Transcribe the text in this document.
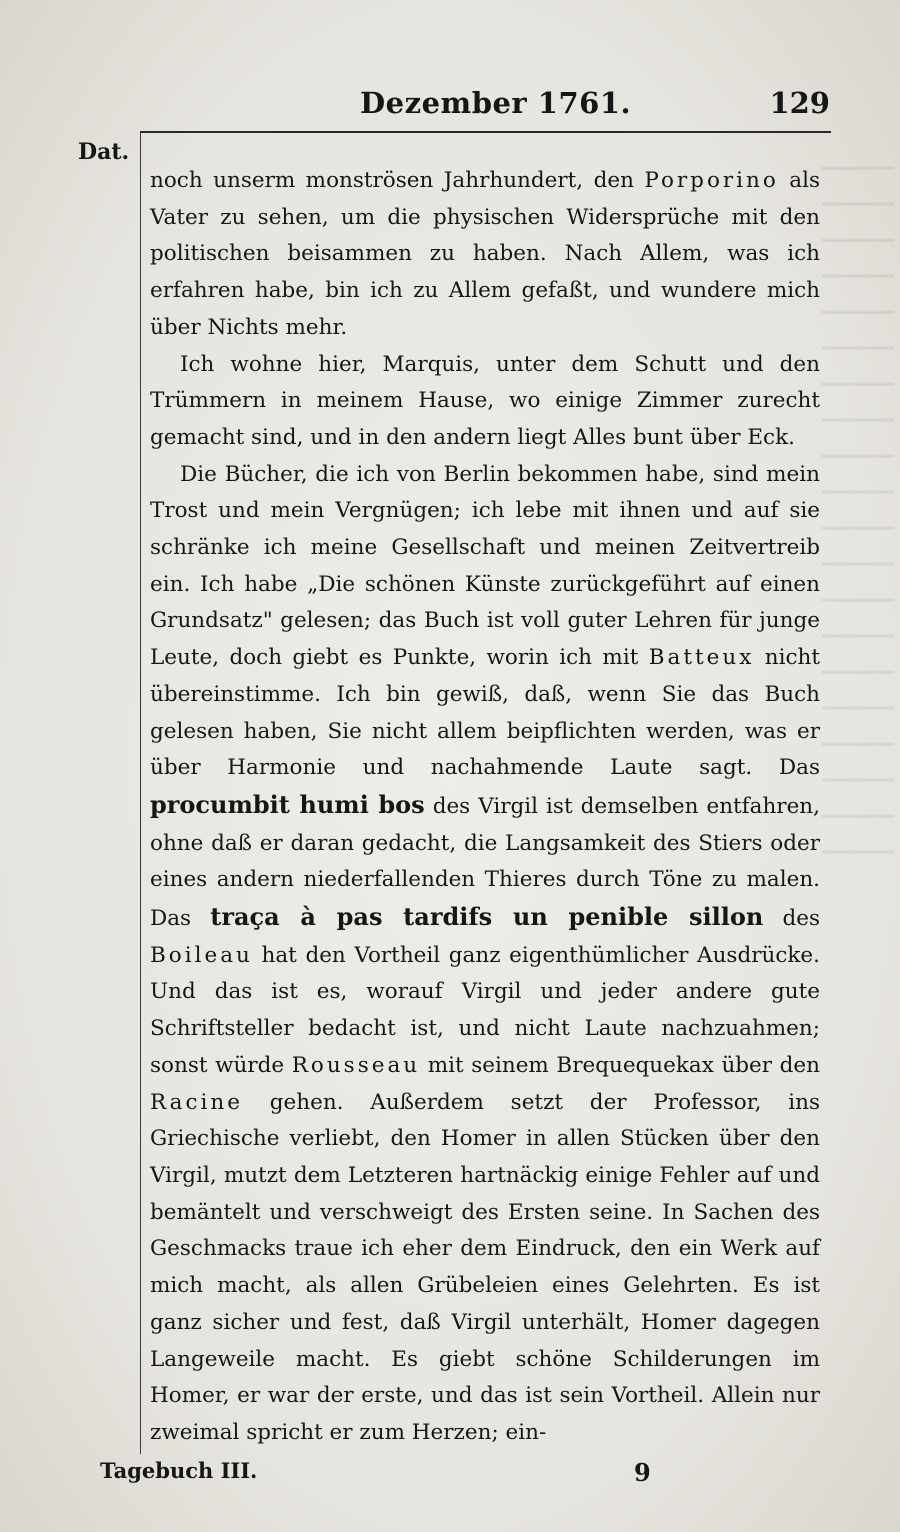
━━━━━━
━━━━━━
━━━━━━
━━━━━━
━━━━━━
━━━━━━
━━━━━━
━━━━━━
━━━━━━
━━━━━━
━━━━━━
━━━━━━
━━━━━━
━━━━━━
━━━━━━
━━━━━━
━━━━━━
━━━━━━
━━━━━━
━━━━━━
Dezember 1761.	129
Dat.

noch unserm monströsen Jahrhundert, den Porporino als Vater zu sehen, um die physischen Widersprüche mit den politischen beisammen zu haben. Nach Allem, was ich erfahren habe, bin ich zu Allem gefaßt, und wundere mich über Nichts mehr.

Ich wohne hier, Marquis, unter dem Schutt und den Trümmern in meinem Hause, wo einige Zimmer zurecht gemacht sind, und in den andern liegt Alles bunt über Eck.

Die Bücher, die ich von Berlin bekommen habe, sind mein Trost und mein Vergnügen; ich lebe mit ihnen und auf sie schränke ich meine Gesellschaft und meinen Zeitvertreib ein. Ich habe „Die schönen Künste zurückgeführt auf einen Grundsatz" gelesen; das Buch ist voll guter Lehren für junge Leute, doch giebt es Punkte, worin ich mit Batteux nicht übereinstimme. Ich bin gewiß, daß, wenn Sie das Buch gelesen haben, Sie nicht allem beipflichten werden, was er über Harmonie und nachahmende Laute sagt. Das procumbit humi bos des Virgil ist demselben entfahren, ohne daß er daran gedacht, die Langsamkeit des Stiers oder eines andern niederfallenden Thieres durch Töne zu malen. Das traça à pas tardifs un penible sillon des Boileau hat den Vortheil ganz eigenthümlicher Ausdrücke. Und das ist es, worauf Virgil und jeder andere gute Schriftsteller bedacht ist, und nicht Laute nachzuahmen; sonst würde Rousseau mit seinem Brequequekax über den Racine gehen. Außerdem setzt der Professor, ins Griechische verliebt, den Homer in allen Stücken über den Virgil, mutzt dem Letzteren hartnäckig einige Fehler auf und bemäntelt und verschweigt des Ersten seine. In Sachen des Geschmacks traue ich eher dem Eindruck, den ein Werk auf mich macht, als allen Grübeleien eines Gelehrten. Es ist ganz sicher und fest, daß Virgil unterhält, Homer dagegen Langeweile macht. Es giebt schöne Schilderungen im Homer, er war der erste, und das ist sein Vortheil. Allein nur zweimal spricht er zum Herzen; ein-

Tagebuch III.	9
